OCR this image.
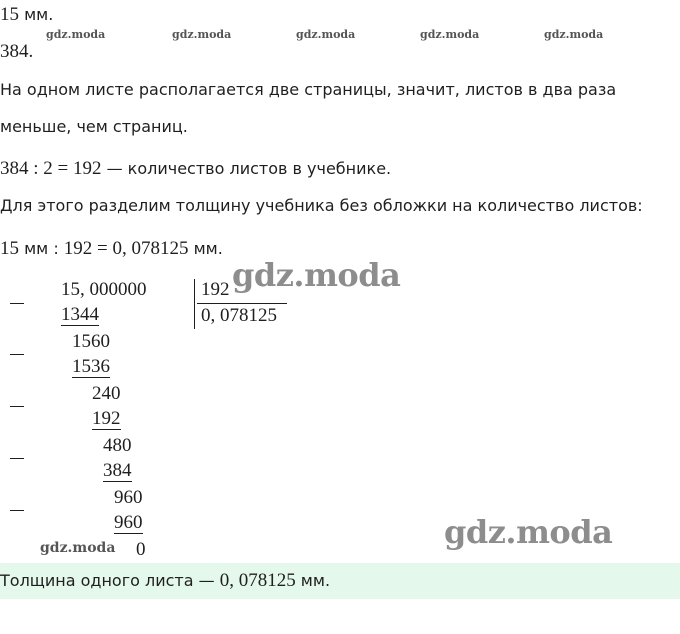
15 мм.
384.
gdz.moda	gdz.moda	gdz.moda	gdz.moda	gdz.moda
На одном листе располагается две страницы, значит, листов в два раза
меньше, чем страниц.
384 : 2 = 192 — количество листов в учебнике.
Для этого разделим толщину учебника без обложки на количество листов:
15 мм : 192 = 0, 078125 мм.
15, 000000	192
0, 078125
1344
1560
1536
240
192
480
384
960
960
0
gdz.moda
gdz.moda
gdz.moda
Толщина одного листа — 0, 078125 мм.
